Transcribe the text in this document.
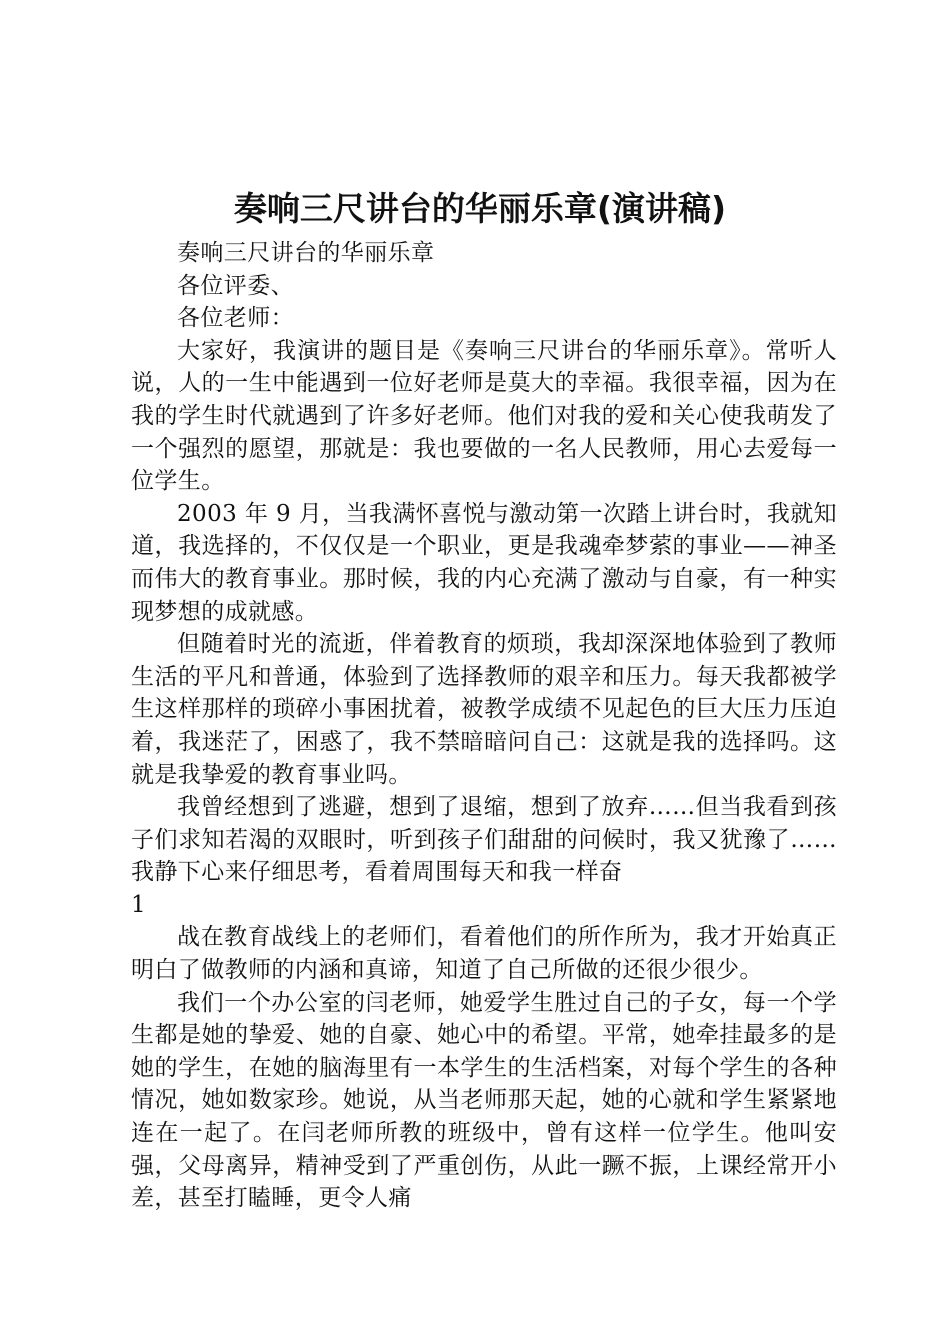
奏响三尺讲台的华丽乐章(演讲稿)

奏响三尺讲台的华丽乐章

各位评委、

各位老师：

大家好，我演讲的题目是《奏响三尺讲台的华丽乐章》。常听人说，人的一生中能遇到一位好老师是莫大的幸福。我很幸福，因为在我的学生时代就遇到了许多好老师。他们对我的爱和关心使我萌发了一个强烈的愿望，那就是：我也要做的一名人民教师，用心去爱每一位学生。

2003 年 9 月，当我满怀喜悦与激动第一次踏上讲台时，我就知道，我选择的，不仅仅是一个职业，更是我魂牵梦萦的事业——神圣而伟大的教育事业。那时候，我的内心充满了激动与自豪，有一种实现梦想的成就感。

但随着时光的流逝，伴着教育的烦琐，我却深深地体验到了教师生活的平凡和普通，体验到了选择教师的艰辛和压力。每天我都被学生这样那样的琐碎小事困扰着，被教学成绩不见起色的巨大压力压迫着，我迷茫了，困惑了，我不禁暗暗问自己：这就是我的选择吗。这就是我挚爱的教育事业吗。

我曾经想到了逃避，想到了退缩，想到了放弃……但当我看到孩子们求知若渴的双眼时，听到孩子们甜甜的问候时，我又犹豫了……我静下心来仔细思考，看着周围每天和我一样奋

1

战在教育战线上的老师们，看着他们的所作所为，我才开始真正明白了做教师的内涵和真谛，知道了自己所做的还很少很少。

我们一个办公室的闫老师，她爱学生胜过自己的子女，每一个学生都是她的挚爱、她的自豪、她心中的希望。平常，她牵挂最多的是她的学生，在她的脑海里有一本学生的生活档案，对每个学生的各种情况，她如数家珍。她说，从当老师那天起，她的心就和学生紧紧地连在一起了。在闫老师所教的班级中，曾有这样一位学生。他叫安强，父母离异，精神受到了严重创伤，从此一蹶不振，上课经常开小差，甚至打瞌睡，更令人痛
